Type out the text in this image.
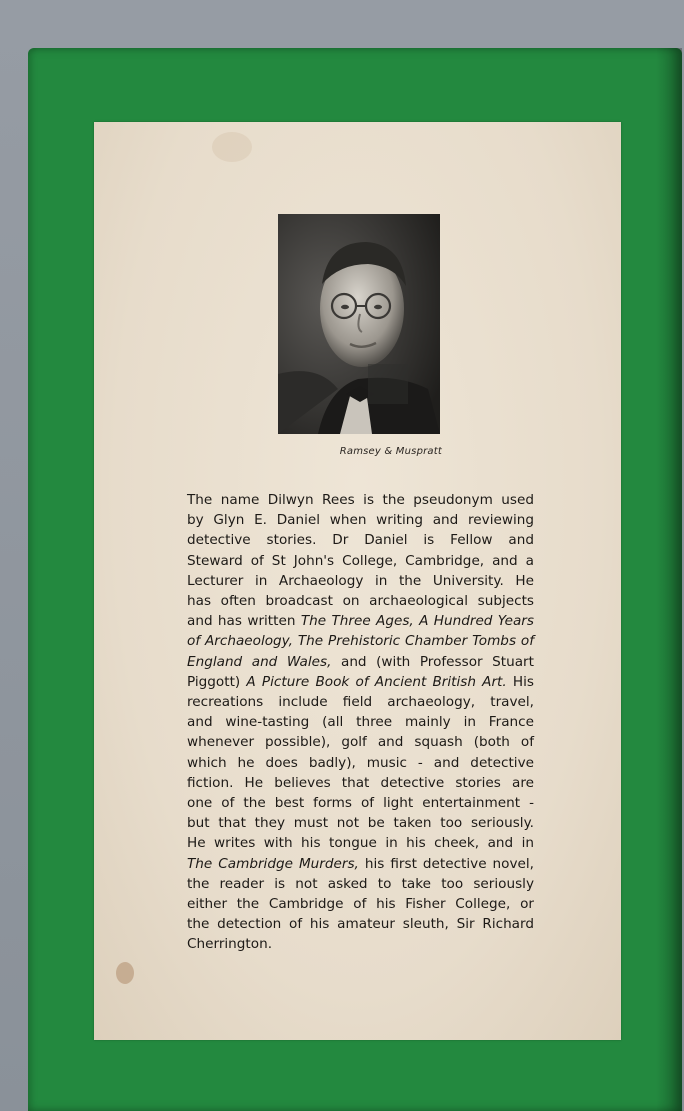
Ramsey & Muspratt
The name Dilwyn Rees is the pseudonym used
by Glyn E. Daniel when writing and reviewing
detective stories. Dr Daniel is Fellow and
Steward of St John's College, Cambridge, and a
Lecturer in Archaeology in the University. He
has often broadcast on archaeological subjects
and has written The Three Ages, A Hundred Years
of Archaeology, The Prehistoric Chamber Tombs of
England and Wales, and (with Professor Stuart
Piggott) A Picture Book of Ancient British Art. His
recreations include field archaeology, travel,
and wine-tasting (all three mainly in France
whenever possible), golf and squash (both of
which he does badly), music - and detective
fiction. He believes that detective stories are
one of the best forms of light entertainment -
but that they must not be taken too seriously.
He writes with his tongue in his cheek, and in
The Cambridge Murders, his first detective novel,
the reader is not asked to take too seriously
either the Cambridge of his Fisher College, or
the detection of his amateur sleuth, Sir Richard
Cherrington.
